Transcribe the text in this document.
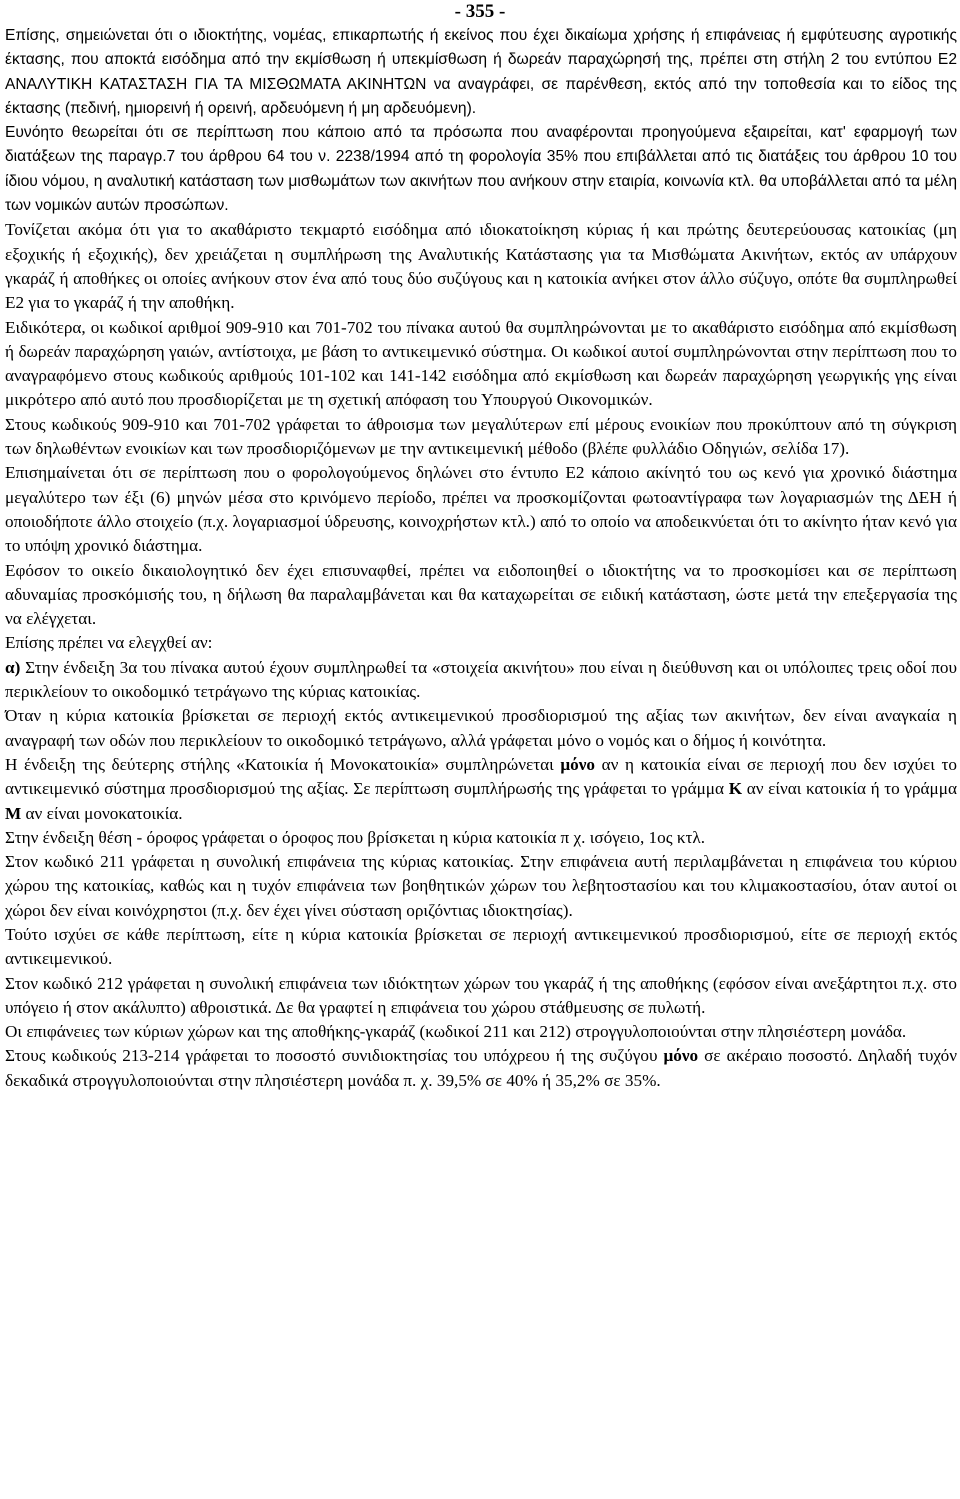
- 355 -

Επίσης, σημειώνεται ότι ο ιδιοκτήτης, νομέας, επικαρπωτής ή εκείνος που έχει δικαίωμα χρήσης ή επιφάνειας ή εμφύτευσης αγροτικής έκτασης, που αποκτά εισόδημα από την εκμίσθωση ή υπεκμίσθωση ή δωρεάν παραχώρησή της, πρέπει στη στήλη 2 του εντύπου Ε2 ΑΝΑΛΥΤΙΚΗ ΚΑΤΑΣΤΑΣΗ ΓΙΑ ΤΑ ΜΙΣΘΩΜΑΤΑ ΑΚΙΝΗΤΩΝ να αναγράφει, σε παρένθεση, εκτός από την τοποθεσία και το είδος της έκτασης (πεδινή, ημιορεινή ή ορεινή, αρδευόμενη ή μη αρδευόμενη).

Ευνόητο θεωρείται ότι σε περίπτωση που κάποιο από τα πρόσωπα που αναφέρονται προηγούμενα εξαιρείται, κατ' εφαρμογή των διατάξεων της παραγρ.7 του άρθρου 64 του ν. 2238/1994 από τη φορολογία 35% που επιβάλλεται από τις διατάξεις του άρθρου 10 του ίδιου νόμου, η αναλυτική κατάσταση των μισθωμάτων των ακινήτων που ανήκουν στην εταιρία, κοινωνία κτλ. θα υποβάλλεται από τα μέλη των νομικών αυτών προσώπων.

Τονίζεται ακόμα ότι για το ακαθάριστο τεκμαρτό εισόδημα από ιδιοκατοίκηση κύριας ή και πρώτης δευτερεύουσας κατοικίας (μη εξοχικής ή εξοχικής), δεν χρειάζεται η συμπλήρωση της Αναλυτικής Κατάστασης για τα Μισθώματα Ακινήτων, εκτός αν υπάρχουν γκαράζ ή αποθήκες οι οποίες ανήκουν στον ένα από τους δύο συζύγους και η κατοικία ανήκει στον άλλο σύζυγο, οπότε θα συμπληρωθεί Ε2 για το γκαράζ ή την αποθήκη.

Ειδικότερα, οι κωδικοί αριθμοί 909-910 και 701-702 του πίνακα αυτού θα συμπληρώνονται με το ακαθάριστο εισόδημα από εκμίσθωση ή δωρεάν παραχώρηση γαιών, αντίστοιχα, με βάση το αντικειμενικό σύστημα. Οι κωδικοί αυτοί συμπληρώνονται στην περίπτωση που το αναγραφόμενο στους κωδικούς αριθμούς 101-102 και 141-142 εισόδημα από εκμίσθωση και δωρεάν παραχώρηση γεωργικής γης είναι μικρότερο από αυτό που προσδιορίζεται με τη σχετική απόφαση του Υπουργού Οικονομικών.

Στους κωδικούς 909-910 και 701-702 γράφεται το άθροισμα των μεγαλύτερων επί μέρους ενοικίων που προκύπτουν από τη σύγκριση των δηλωθέντων ενοικίων και των προσδιοριζόμενων με την αντικειμενική μέθοδο (βλέπε φυλλάδιο Οδηγιών, σελίδα 17).

Επισημαίνεται ότι σε περίπτωση που ο φορολογούμενος δηλώνει στο έντυπο Ε2 κάποιο ακίνητό του ως κενό για χρονικό διάστημα μεγαλύτερο των έξι (6) μηνών μέσα στο κρινόμενο περίοδο, πρέπει να προσκομίζονται φωτοαντίγραφα των λογαριασμών της ΔΕΗ ή οποιοδήποτε άλλο στοιχείο (π.χ. λογαριασμοί ύδρευσης, κοινοχρήστων κτλ.) από το οποίο να αποδεικνύεται ότι το ακίνητο ήταν κενό για το υπόψη χρονικό διάστημα.

Εφόσον το οικείο δικαιολογητικό δεν έχει επισυναφθεί, πρέπει να ειδοποιηθεί ο ιδιοκτήτης να το προσκομίσει και σε περίπτωση αδυναμίας προσκόμισής του, η δήλωση θα παραλαμβάνεται και θα καταχωρείται σε ειδική κατάσταση, ώστε μετά την επεξεργασία της να ελέγχεται.

Επίσης πρέπει να ελεγχθεί αν:

α) Στην ένδειξη 3α του πίνακα αυτού έχουν συμπληρωθεί τα «στοιχεία ακινήτου» που είναι η διεύθυνση και οι υπόλοιπες τρεις οδοί που περικλείουν το οικοδομικό τετράγωνο της κύριας κατοικίας.

Όταν η κύρια κατοικία βρίσκεται σε περιοχή εκτός αντικειμενικού προσδιορισμού της αξίας των ακινήτων, δεν είναι αναγκαία η αναγραφή των οδών που περικλείουν το οικοδομικό τετράγωνο, αλλά γράφεται μόνο ο νομός και ο δήμος ή κοινότητα.

Η ένδειξη της δεύτερης στήλης «Κατοικία ή Μονοκατοικία» συμπληρώνεται μόνο αν η κατοικία είναι σε περιοχή που δεν ισχύει το αντικειμενικό σύστημα προσδιορισμού της αξίας. Σε περίπτωση συμπλήρωσής της γράφεται το γράμμα Κ αν είναι κατοικία ή το γράμμα Μ αν είναι μονοκατοικία.

Στην ένδειξη θέση - όροφος γράφεται ο όροφος που βρίσκεται η κύρια κατοικία π χ. ισόγειο, 1ος κτλ.

Στον κωδικό 211 γράφεται η συνολική επιφάνεια της κύριας κατοικίας. Στην επιφάνεια αυτή περιλαμβάνεται η επιφάνεια του κύριου χώρου της κατοικίας, καθώς και η τυχόν επιφάνεια των βοηθητικών χώρων του λεβητοστασίου και του κλιμακοστασίου, όταν αυτοί οι χώροι δεν είναι κοινόχρηστοι (π.χ. δεν έχει γίνει σύσταση οριζόντιας ιδιοκτησίας).

Τούτο ισχύει σε κάθε περίπτωση, είτε η κύρια κατοικία βρίσκεται σε περιοχή αντικειμενικού προσδιορισμού, είτε σε περιοχή εκτός αντικειμενικού.

Στον κωδικό 212 γράφεται η συνολική επιφάνεια των ιδιόκτητων χώρων του γκαράζ ή της αποθήκης (εφόσον είναι ανεξάρτητοι π.χ. στο υπόγειο ή στον ακάλυπτο) αθροιστικά. Δε θα γραφτεί η επιφάνεια του χώρου στάθμευσης σε πυλωτή.

Οι επιφάνειες των κύριων χώρων και της αποθήκης-γκαράζ (κωδικοί 211 και 212) στρογγυλοποιούνται στην πλησιέστερη μονάδα.

Στους κωδικούς 213-214 γράφεται το ποσοστό συνιδιοκτησίας του υπόχρεου ή της συζύγου μόνο σε ακέραιο ποσοστό. Δηλαδή τυχόν δεκαδικά στρογγυλοποιούνται στην πλησιέστερη μονάδα π. χ. 39,5% σε 40% ή 35,2% σε 35%.
